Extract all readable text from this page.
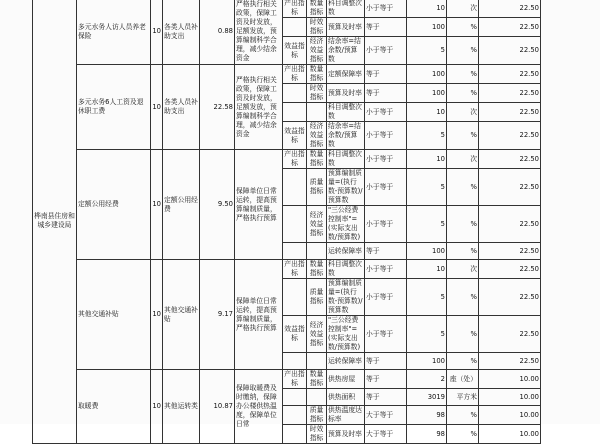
桦南县住房和城乡建设局	多元水务人访人员养老保险	10	各类人员补助支出	0.88	严格执行相关政策，保障工资及时发放，足额发放，预算编制科学合理，减少结余资金	产出指标	数量指标	科目调整次数	小于等于	10	次	22.50
							时效指标	预算及时率	等于	100	%	22.50
						效益指标	经济效益指标	结余率=结余数/预算数	小于等于	5	%	22.50
	多元水务6人工资及退休职工费	10	各类人员补助支出	22.58	严格执行相关政策，保障工资及时发放，足额发放，预算编制科学合理，减少结余资金	产出指标	数量指标	定额保障率	等于	100	%	22.50
							时效指标	预算及时率	等于	100	%	22.50
								科目调整次数	小于等于	10	次	22.50
						效益指标	经济效益指标	结余率=结余数/预算数	小于等于	5	%	22.50
	定额公用经费	10	定额公用经费	9.50	保障单位日常运转，提高预算编制质量，严格执行预算	产出指标	数量指标	科目调整次数	小于等于	10	次	22.50
							质量指标	预算编制质量=(执行数-预算数)/预算数	小于等于	5	%	22.50
							经济效益指标	"三公经费控制率"=(实际支出数/预算数)	小于等于	5	%	22.50
								运转保障率	等于	100	%	22.50
	其他交通补贴	10	其他交通补贴	9.17	保障单位日常运转，提高预算编制质量，严格执行预算	产出指标	数量指标	科目调整次数	小于等于	10	次	22.50
							质量指标	预算编制质量=(执行数-预算数)/预算数	小于等于	5	%	22.50
						效益指标	经济效益指标	"三公经费控制率"=(实际支出数/预算数)	小于等于	5	%	22.50
								运转保障率	等于	100	%	22.50
	取暖费	10	其他运转类	10.87	保障取暖费及时缴纳，保障办公楼供热温度，保障单位日常	产出指标	数量指标	供热房屋	等于	2	座（处）	10.00
								供热面积	等于	3019	平方米	10.00
							质量指标	供热温度达标率	大于等于	98	%	10.00
							时效指标	预算及时率	大于等于	98	%	10.00
